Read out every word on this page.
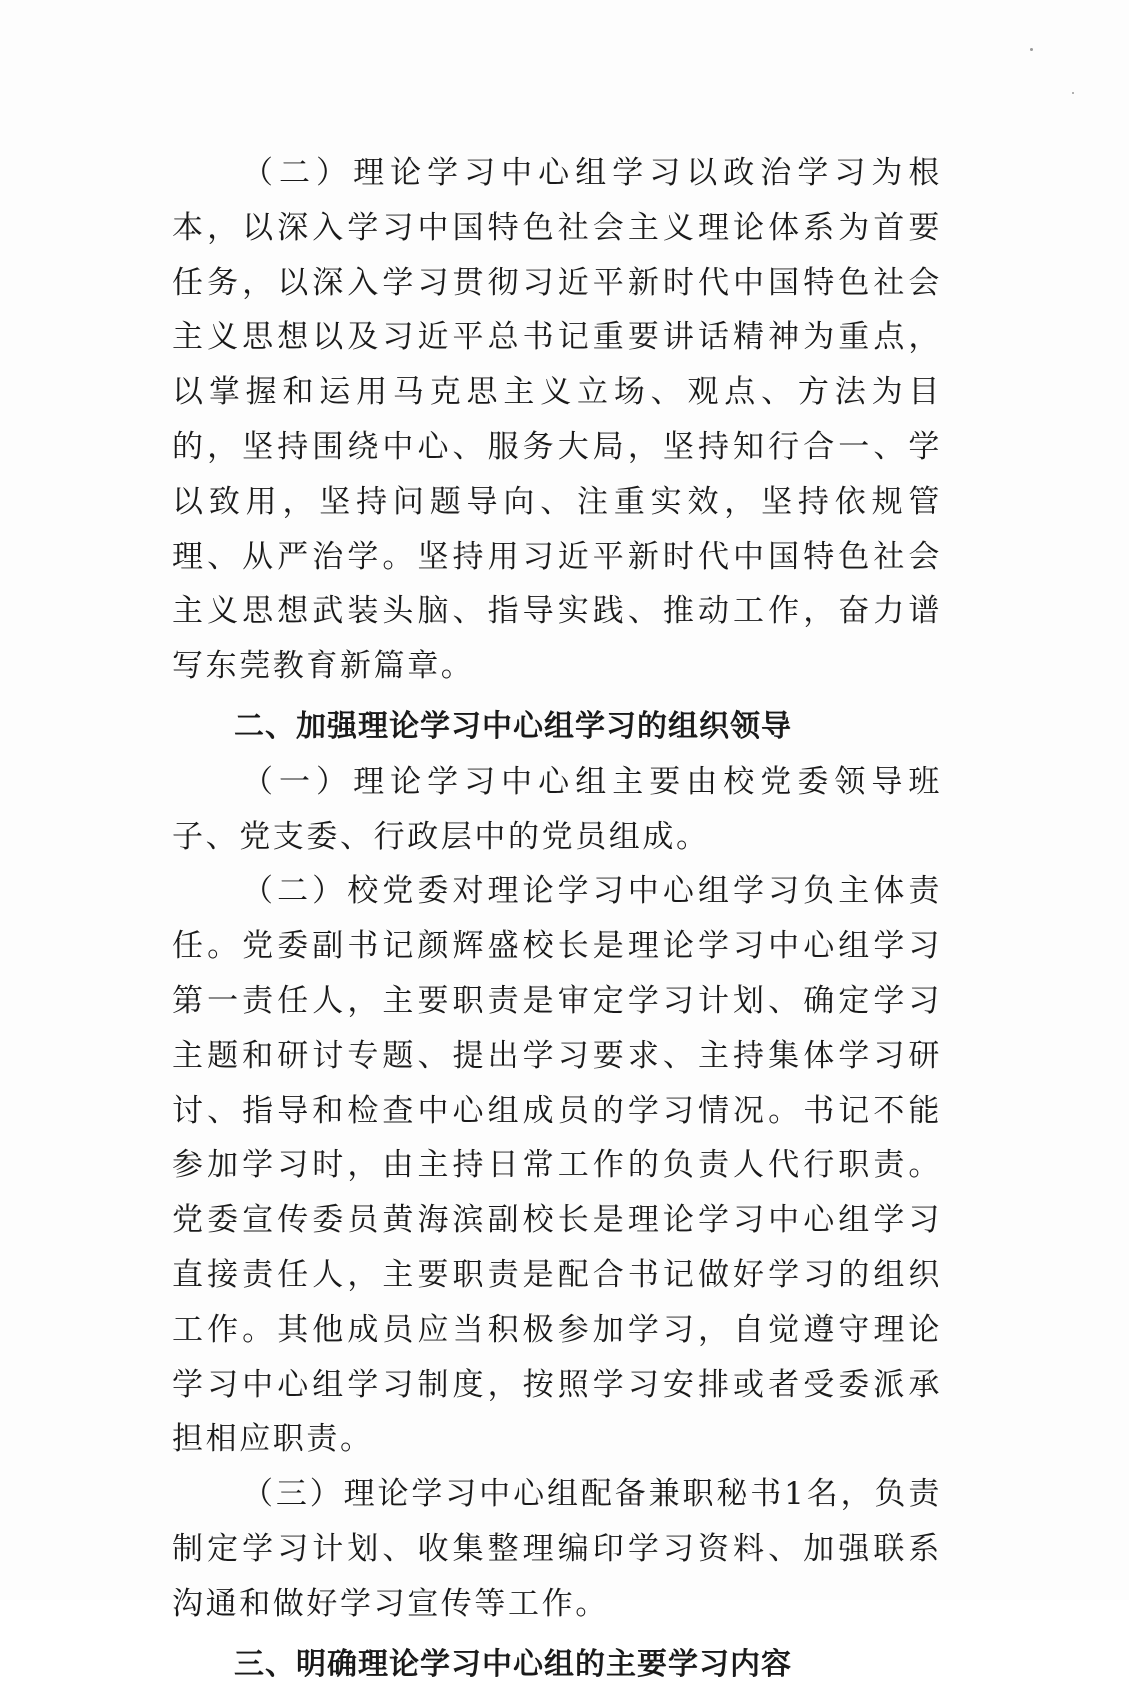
（二）理论学习中心组学习以政治学习为根本，以深入学习中国特色社会主义理论体系为首要任务，以深入学习贯彻习近平新时代中国特色社会主义思想以及习近平总书记重要讲话精神为重点，以掌握和运用马克思主义立场、观点、方法为目的，坚持围绕中心、服务大局，坚持知行合一、学以致用，坚持问题导向、注重实效，坚持依规管理、从严治学。坚持用习近平新时代中国特色社会主义思想武装头脑、指导实践、推动工作，奋力谱写东莞教育新篇章。

二、加强理论学习中心组学习的组织领导

（一）理论学习中心组主要由校党委领导班子、党支委、行政层中的党员组成。

（二）校党委对理论学习中心组学习负主体责任。党委副书记颜辉盛校长是理论学习中心组学习第一责任人，主要职责是审定学习计划、确定学习主题和研讨专题、提出学习要求、主持集体学习研讨、指导和检查中心组成员的学习情况。书记不能参加学习时，由主持日常工作的负责人代行职责。党委宣传委员黄海滨副校长是理论学习中心组学习直接责任人，主要职责是配合书记做好学习的组织工作。其他成员应当积极参加学习，自觉遵守理论学习中心组学习制度，按照学习安排或者受委派承担相应职责。

（三）理论学习中心组配备兼职秘书1名，负责制定学习计划、收集整理编印学习资料、加强联系沟通和做好学习宣传等工作。

三、明确理论学习中心组的主要学习内容
